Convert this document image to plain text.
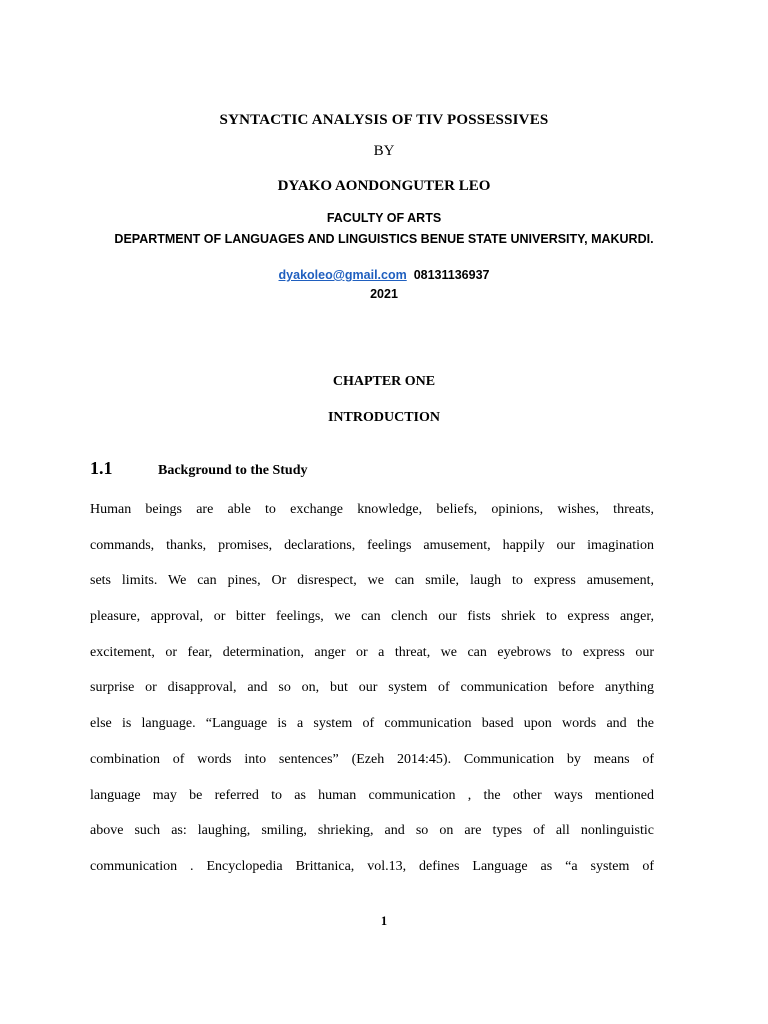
SYNTACTIC ANALYSIS OF TIV POSSESSIVES
BY
DYAKO AONDONGUTER LEO
FACULTY OF ARTS
DEPARTMENT OF LANGUAGES AND LINGUISTICS BENUE STATE UNIVERSITY, MAKURDI.
dyakoleo@gmail.com 08131136937
2021
CHAPTER ONE
INTRODUCTION
1.1	Background to the Study
Human beings are able to exchange knowledge, beliefs, opinions, wishes, threats,
commands, thanks, promises, declarations, feelings amusement, happily our imagination
sets limits. We can pines, Or disrespect, we can smile, laugh to express amusement,
pleasure, approval, or bitter feelings, we can clench our fists shriek to express anger,
excitement, or fear, determination, anger or a threat, we can eyebrows to express our
surprise or disapproval, and so on, but our system of communication before anything
else is language. “Language is a system of communication based upon words and the
combination of words into sentences” (Ezeh 2014:45). Communication by means of
language may be referred to as human communication , the other ways mentioned
above such as: laughing, smiling, shrieking, and so on are types of all nonlinguistic
communication . Encyclopedia Brittanica, vol.13, defines Language as “a system of
1
